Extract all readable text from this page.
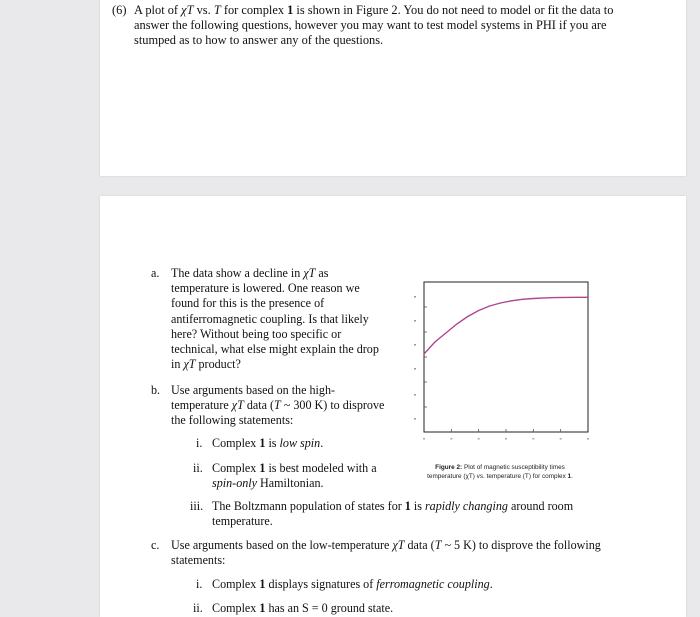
(6) A plot of χT vs. T for complex 1 is shown in Figure 2. You do not need to model or fit the data to answer the following questions, however you may want to test model systems in PHI if you are stumped as to how to answer any of the questions.
a. The data show a decline in χT as temperature is lowered. One reason we found for this is the presence of antiferromagnetic coupling. Is that likely here? Without being too specific or technical, what else might explain the drop in χT product?
b. Use arguments based on the high-temperature χT data (T ~ 300 K) to disprove the following statements:
i. Complex 1 is low spin.
ii. Complex 1 is best modeled with a spin-only Hamiltonian.
iii. The Boltzmann population of states for 1 is rapidly changing around room temperature.
c. Use arguments based on the low-temperature χT data (T ~ 5 K) to disprove the following statements:
i. Complex 1 displays signatures of ferromagnetic coupling.
ii. Complex 1 has an S = 0 ground state.
Figure 2: Plot of magnetic susceptibility times
temperature (χT) vs. temperature (T) for complex 1.
